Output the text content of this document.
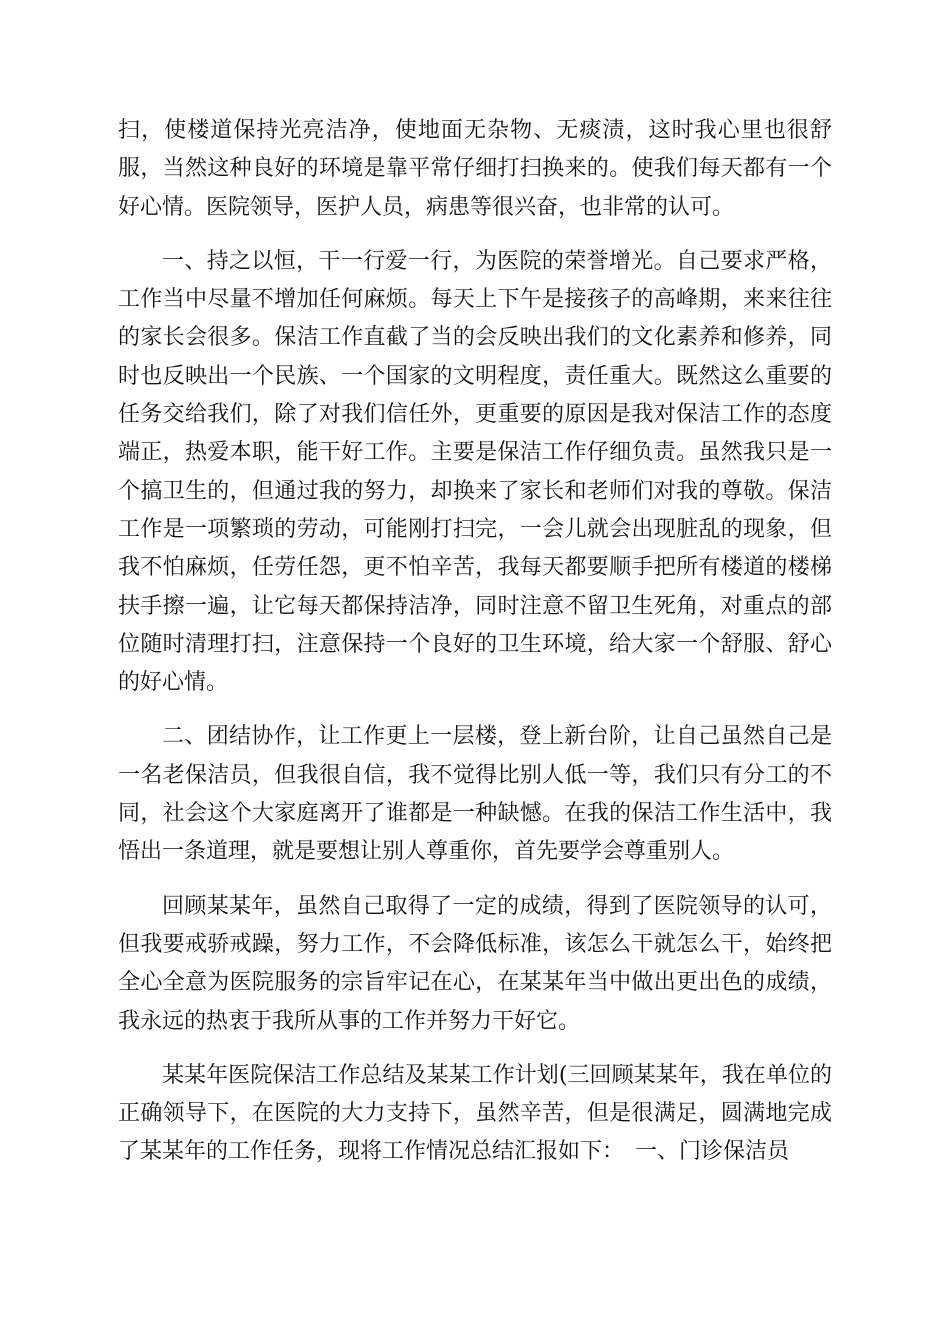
扫，使楼道保持光亮洁净，使地面无杂物、无痰渍，这时我心里也很舒服，当然这种良好的环境是靠平常仔细打扫换来的。使我们每天都有一个好心情。医院领导，医护人员，病患等很兴奋，也非常的认可。

一、持之以恒，干一行爱一行，为医院的荣誉增光。自己要求严格，工作当中尽量不增加任何麻烦。每天上下午是接孩子的高峰期，来来往往的家长会很多。保洁工作直截了当的会反映出我们的文化素养和修养，同时也反映出一个民族、一个国家的文明程度，责任重大。既然这么重要的任务交给我们，除了对我们信任外，更重要的原因是我对保洁工作的态度端正，热爱本职，能干好工作。主要是保洁工作仔细负责。虽然我只是一个搞卫生的，但通过我的努力，却换来了家长和老师们对我的尊敬。保洁工作是一项繁琐的劳动，可能刚打扫完，一会儿就会出现脏乱的现象，但我不怕麻烦，任劳任怨，更不怕辛苦，我每天都要顺手把所有楼道的楼梯扶手擦一遍，让它每天都保持洁净，同时注意不留卫生死角，对重点的部位随时清理打扫，注意保持一个良好的卫生环境，给大家一个舒服、舒心的好心情。

二、团结协作，让工作更上一层楼，登上新台阶，让自己虽然自己是一名老保洁员，但我很自信，我不觉得比别人低一等，我们只有分工的不同，社会这个大家庭离开了谁都是一种缺憾。在我的保洁工作生活中，我悟出一条道理，就是要想让别人尊重你，首先要学会尊重别人。

回顾某某年，虽然自己取得了一定的成绩，得到了医院领导的认可，但我要戒骄戒躁，努力工作，不会降低标准，该怎么干就怎么干，始终把全心全意为医院服务的宗旨牢记在心，在某某年当中做出更出色的成绩，我永远的热衷于我所从事的工作并努力干好它。

某某年医院保洁工作总结及某某工作计划(三回顾某某年，我在单位的正确领导下，在医院的大力支持下，虽然辛苦，但是很满足，圆满地完成了某某年的工作任务，现将工作情况总结汇报如下：　一、门诊保洁员
